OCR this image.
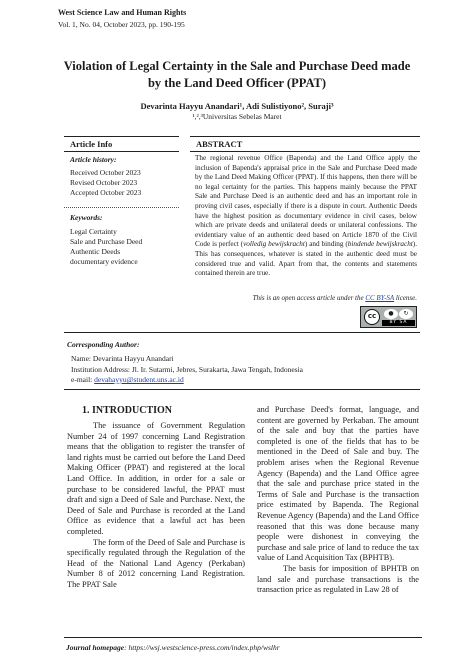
West Science Law and Human Rights
Vol. 1, No. 04, October 2023, pp. 190-195
Violation of Legal Certainty in the Sale and Purchase Deed made by the Land Deed Officer (PPAT)
Devarinta Hayyu Anandari¹, Adi Sulistiyono², Suraji³
¹,²,³Universitas Sebelas Maret
Article Info
Article history:
Received October 2023
Revised October 2023
Accepted October 2023
Keywords:
Legal Certainty
Sale and Purchase Deed
Authentic Deeds
documentary evidence
ABSTRACT
The regional revenue Office (Bapenda) and the Land Office apply the inclusion of Bapenda's appraisal price in the Sale and Purchase Deed made by the Land Deed Making Officer (PPAT). If this happens, then there will be no legal certainty for the parties. This happens mainly because the PPAT Sale and Purchase Deed is an authentic deed and has an important role in proving civil cases, especially if there is a dispute in court. Authentic Deeds have the highest position as documentary evidence in civil cases, below which are private deeds and unilateral deeds or unilateral confessions. The evidentiary value of an authentic deed based on Article 1870 of the Civil Code is perfect (volledig bewijskracht) and binding (bindende bewijskracht). This has consequences, whatever is stated in the authentic deed must be considered true and valid. Apart from that, the contents and statements contained therein are true.
This is an open access article under the CC BY-SA license.
cc	●	↻
BY SA
Corresponding Author:
Name: Devarinta Hayyu Anandari
Institution Address: Jl. Ir. Sutarmi, Jebres, Surakarta, Jawa Tengah, Indonesia
e-mail: devahayyu@student.uns.ac.id
1. INTRODUCTION

The issuance of Government Regulation Number 24 of 1997 concerning Land Registration means that the obligation to register the transfer of land rights must be carried out before the Land Deed Making Officer (PPAT) and registered at the local Land Office. In addition, in order for a sale or purchase to be considered lawful, the PPAT must draft and sign a Deed of Sale and Purchase. Next, the Deed of Sale and Purchase is recorded at the Land Office as evidence that a lawful act has been completed.

The form of the Deed of Sale and Purchase is specifically regulated through the Regulation of the Head of the National Land Agency (Perkaban) Number 8 of 2012 concerning Land Registration. The PPAT Sale

and Purchase Deed's format, language, and content are governed by Perkaban. The amount of the sale and buy that the parties have completed is one of the fields that has to be mentioned in the Deed of Sale and buy. The problem arises when the Regional Revenue Agency (Bapenda) and the Land Office agree that the sale and purchase price stated in the Terms of Sale and Purchase is the transaction price estimated by Bapenda. The Regional Revenue Agency (Bapenda) and the Land Office reasoned that this was done because many people were dishonest in conveying the purchase and sale price of land to reduce the tax value of Land Acquisition Tax (BPHTB).

The basis for imposition of BPHTB on land sale and purchase transactions is the transaction price as regulated in Law 28 of

Journal homepage: https://wsj.westscience-press.com/index.php/wslhr
